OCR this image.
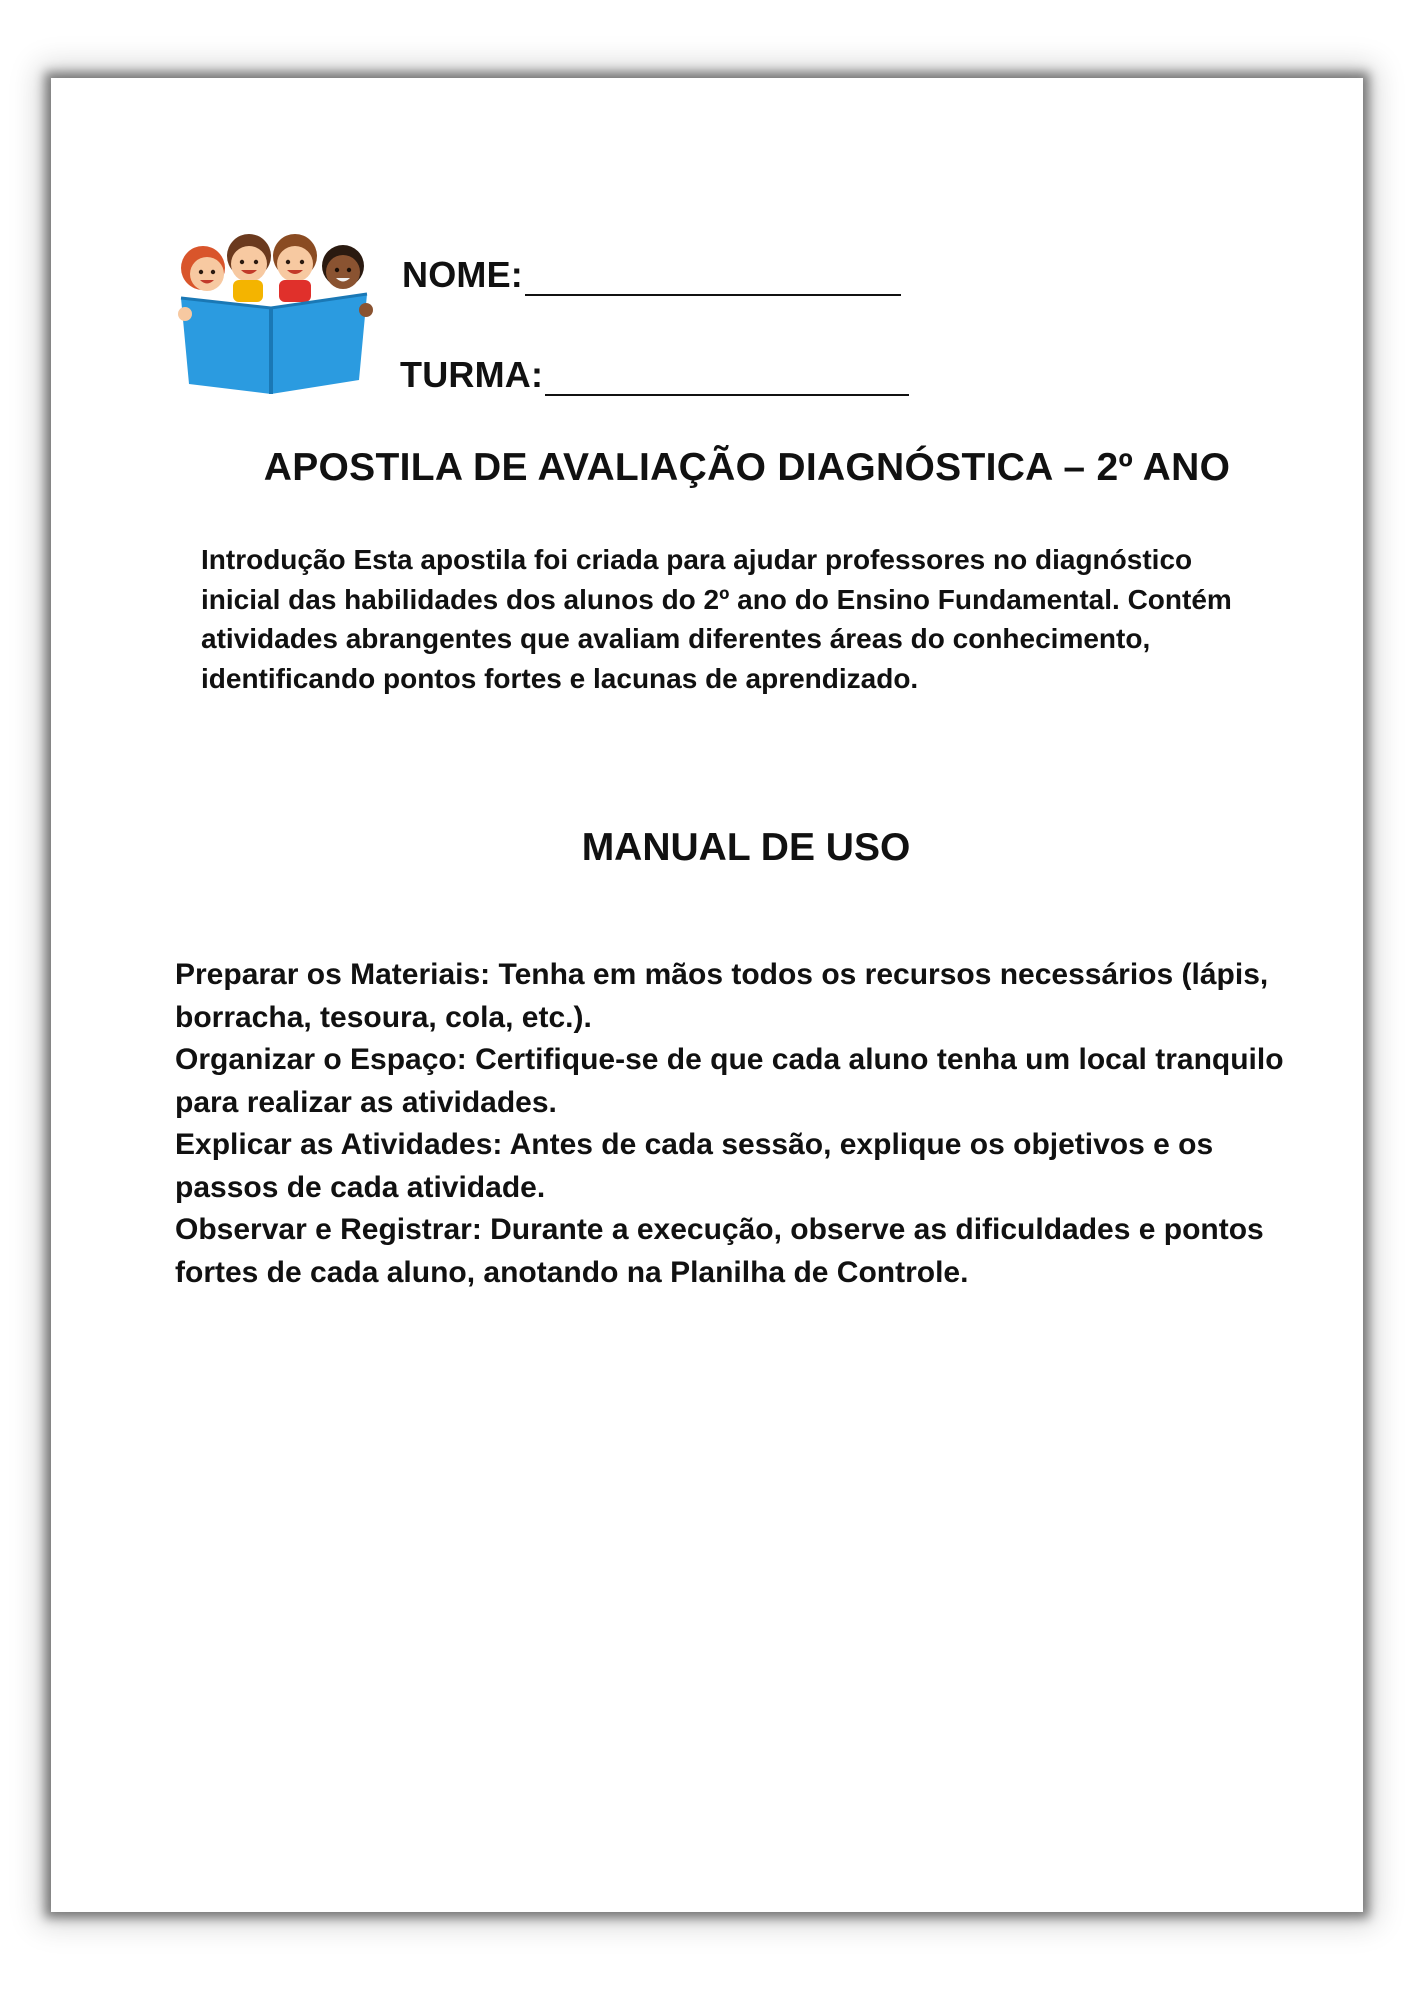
NOME:
TURMA:
APOSTILA DE AVALIAÇÃO DIAGNÓSTICA – 2º ANO
Introdução Esta apostila foi criada para ajudar professores no diagnóstico inicial das habilidades dos alunos do 2º ano do Ensino Fundamental. Contém atividades abrangentes que avaliam diferentes áreas do conhecimento, identificando pontos fortes e lacunas de aprendizado.
MANUAL DE USO

Preparar os Materiais: Tenha em mãos todos os recursos necessários (lápis, borracha, tesoura, cola, etc.).

Organizar o Espaço: Certifique-se de que cada aluno tenha um local tranquilo para realizar as atividades.

Explicar as Atividades: Antes de cada sessão, explique os objetivos e os passos de cada atividade.

Observar e Registrar: Durante a execução, observe as dificuldades e pontos fortes de cada aluno, anotando na Planilha de Controle.
